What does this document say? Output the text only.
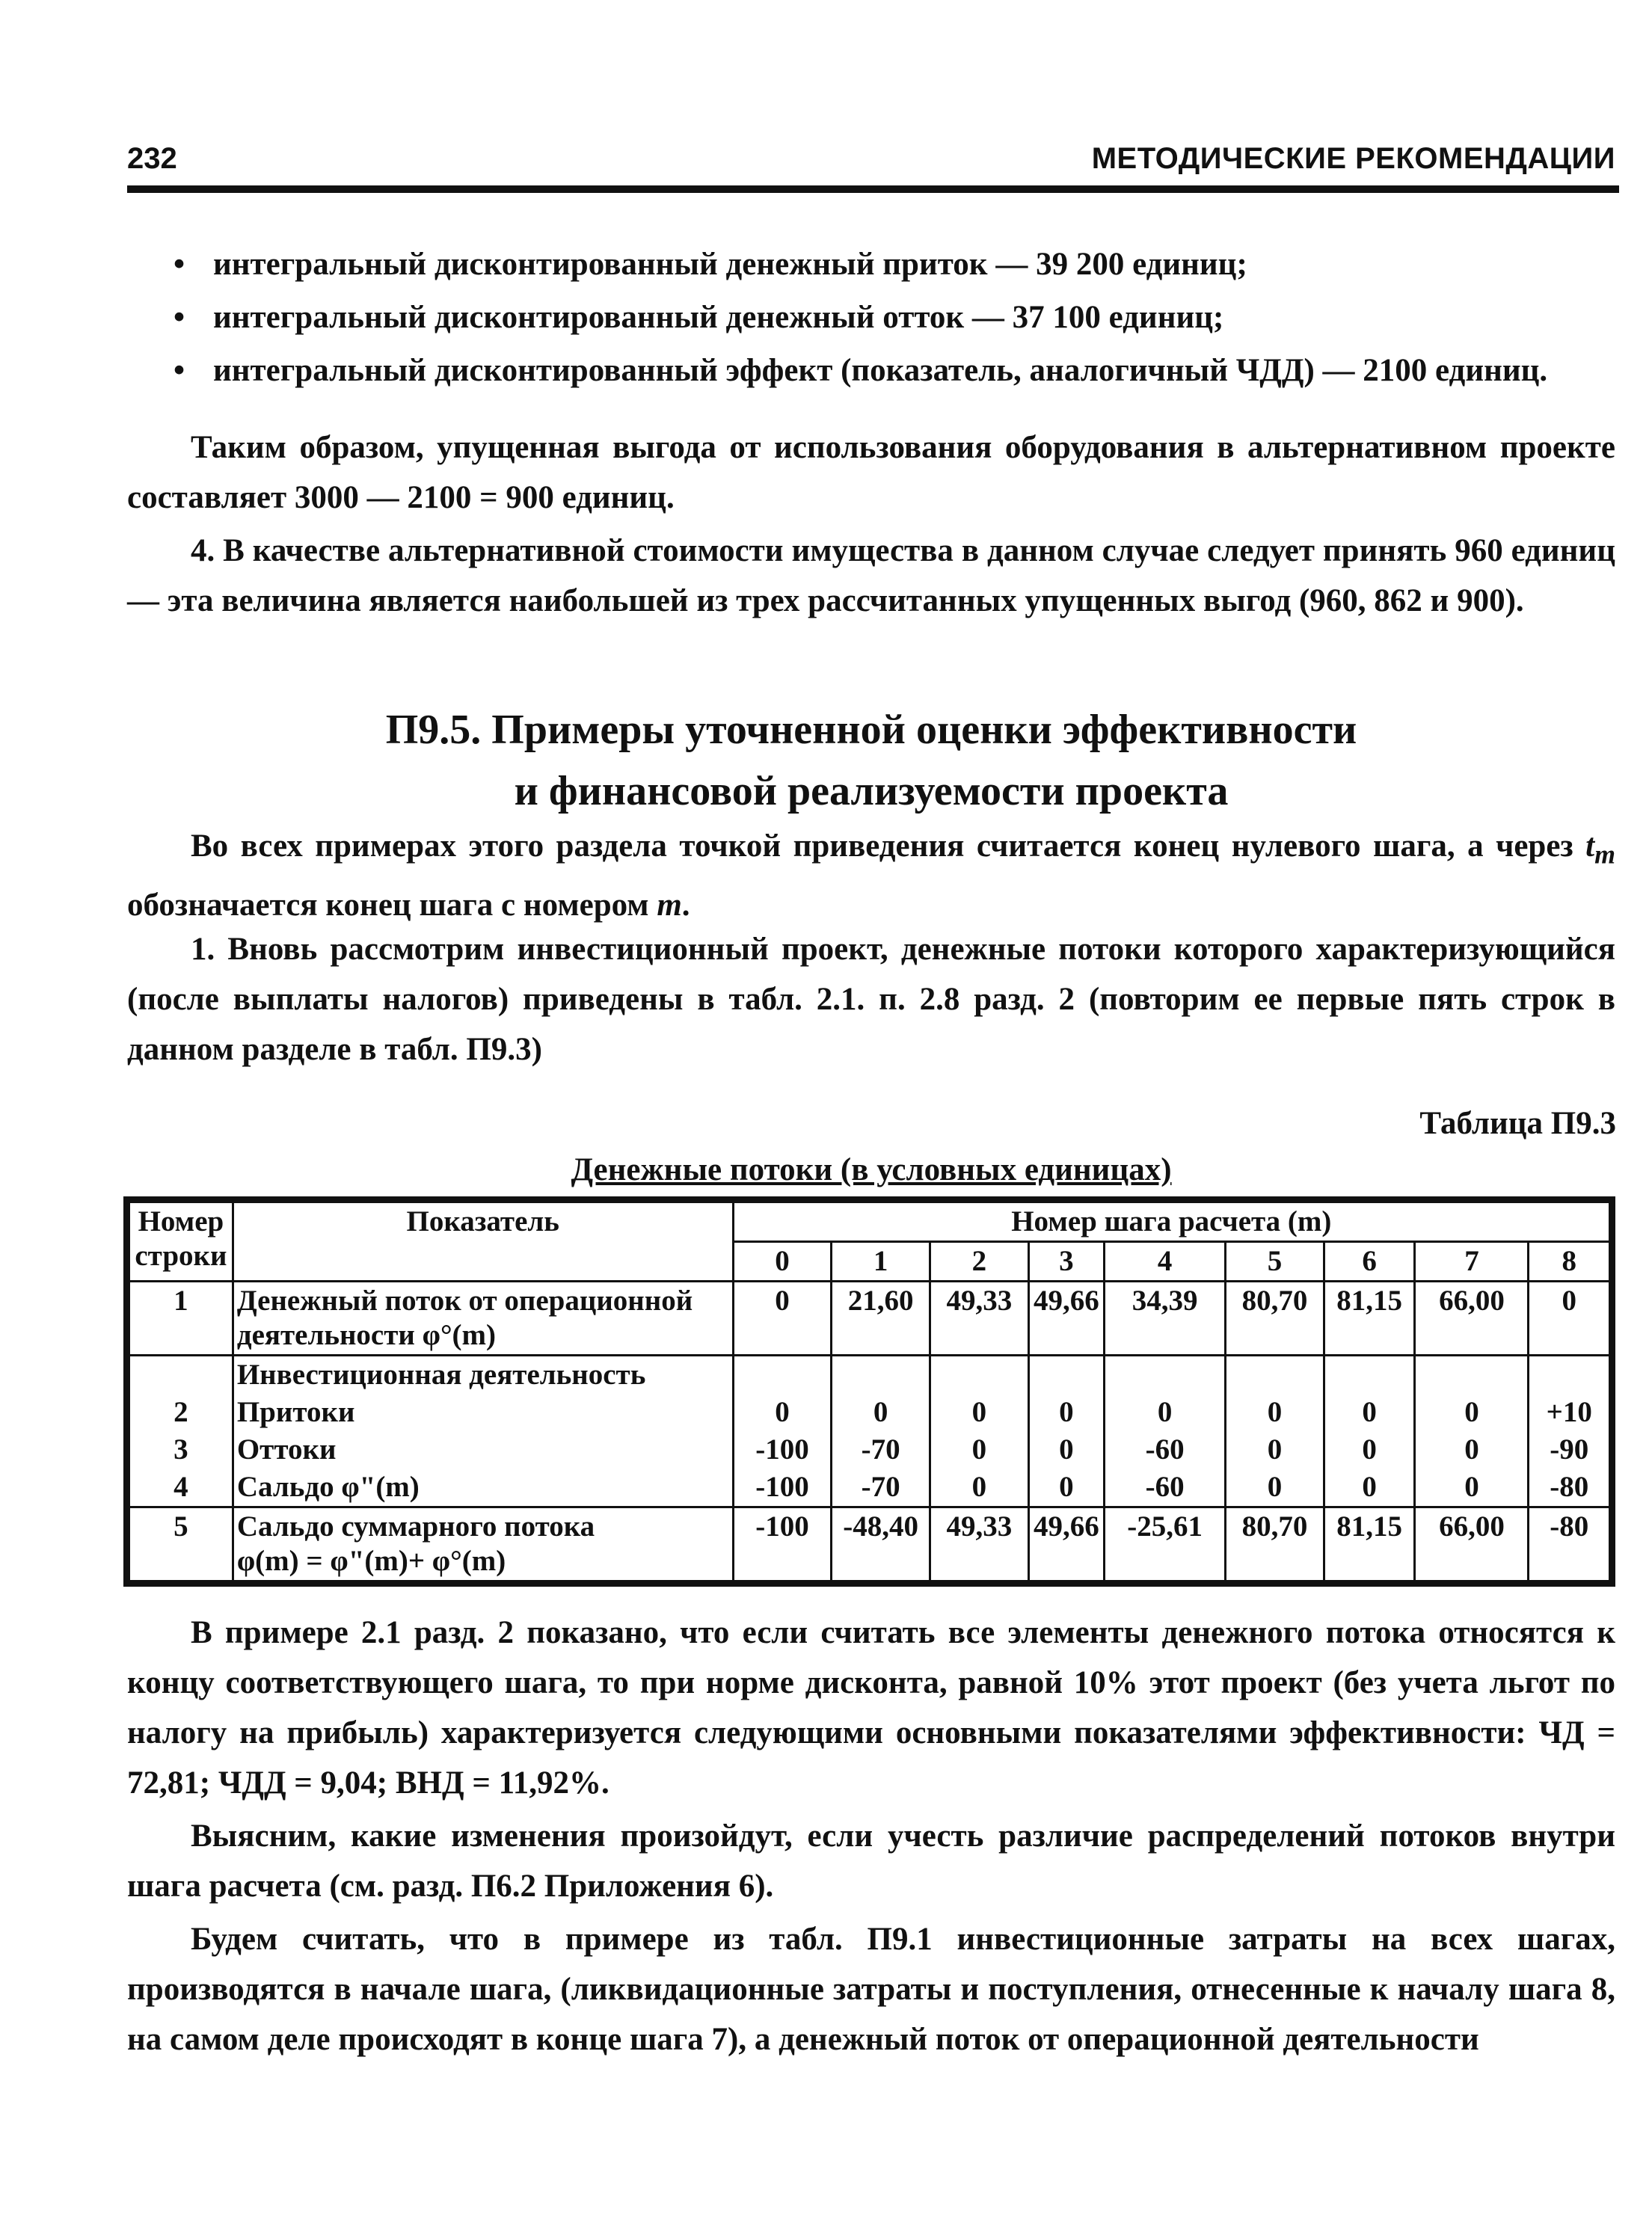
232	МЕТОДИЧЕСКИЕ РЕКОМЕНДАЦИИ
• интегральный дисконтированный денежный приток — 39 200 единиц;
• интегральный дисконтированный денежный отток — 37 100 единиц;
• интегральный дисконтированный эффект (показатель, аналогичный ЧДД) — 2100 единиц.

Таким образом, упущенная выгода от использования оборудования в альтернативном проекте составляет 3000 — 2100 = 900 единиц.

4. В качестве альтернативной стоимости имущества в данном случае следует принять 960 единиц — эта величина является наибольшей из трех рассчитанных упущенных выгод (960, 862 и 900).

П9.5. Примеры уточненной оценки эффективности
и финансовой реализуемости проекта

Во всех примерах этого раздела точкой приведения считается конец нулевого шага, а через $t_m$ обозначается конец шага с номером m.

1. Вновь рассмотрим инвестиционный проект, денежные потоки которого характеризующийся (после выплаты налогов) приведены в табл. 2.1. п. 2.8 разд. 2 (повторим ее первые пять строк в данном разделе в табл. П9.3)

Таблица П9.3
Денежные потоки (в условных единицах)
Номер строки	Показатель	Номер шага расчета (m)								
		0	1	2	3	4	5	6	7	8
1	Денежный поток от операционной деятельности φ°(m)	0	21,60	49,33	49,66	34,39	80,70	81,15	66,00	0
	Инвестиционная деятельность									
2	Притоки	0	0	0	0	0	0	0	0	+10
3	Оттоки	-100	-70	0	0	-60	0	0	0	-90
4	Сальдо φ"(m)	-100	-70	0	0	-60	0	0	0	-80
5	Сальдо суммарного потока
φ(m) = φ"(m)+ φ°(m)	-100	-48,40	49,33	49,66	-25,61	80,70	81,15	66,00	-80

В примере 2.1 разд. 2 показано, что если считать все элементы денежного потока относятся к концу соответствующего шага, то при норме дисконта, равной 10% этот проект (без учета льгот по налогу на прибыль) характеризуется следующими основными показателями эффективности: ЧД = 72,81; ЧДД = 9,04; ВНД = 11,92%.

Выясним, какие изменения произойдут, если учесть различие распределений потоков внутри шага расчета (см. разд. П6.2 Приложения 6).

Будем считать, что в примере из табл. П9.1 инвестиционные затраты на всех шагах, производятся в начале шага, (ликвидационные затраты и поступления, отнесенные к началу шага 8, на самом деле происходят в конце шага 7), а денежный поток от операционной деятельности
